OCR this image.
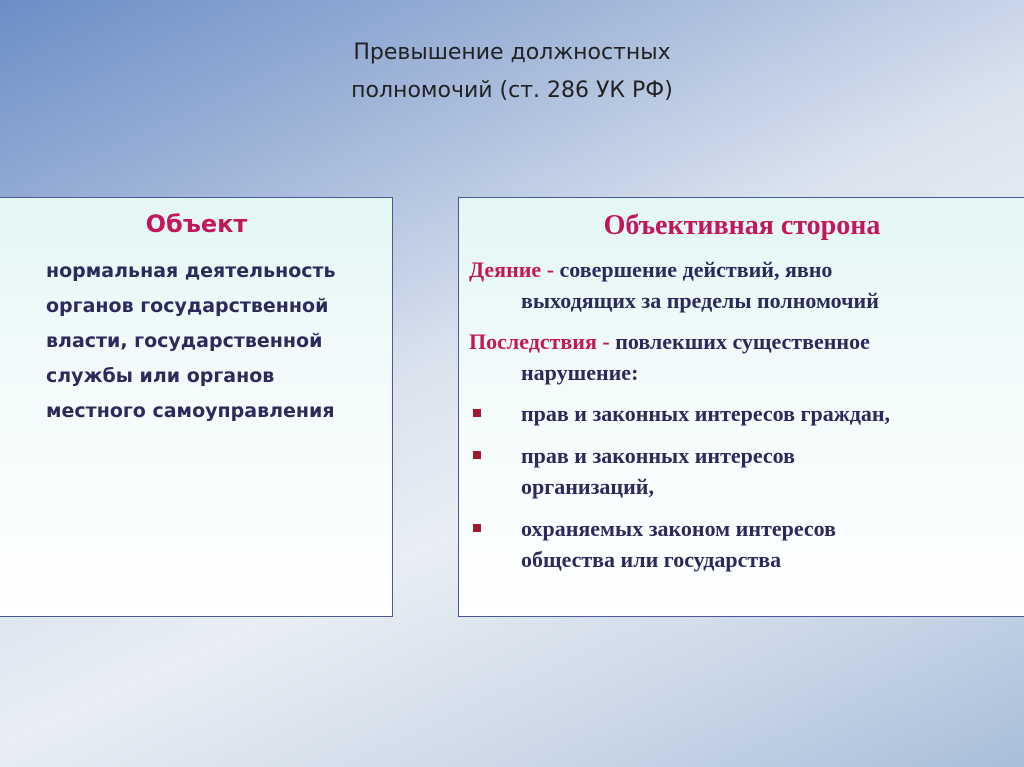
Превышение должностных
полномочий (ст. 286 УК РФ)
Объект
нормальная деятельность
органов государственной
власти, государственной
службы или органов
местного самоуправления
Объективная сторона
Деяние - совершение действий, явно
выходящих за пределы полномочий
Последствия - повлекших существенное
нарушение:
прав и законных интересов граждан,
прав и законных интересов
организаций,
охраняемых законом интересов
общества или государства
